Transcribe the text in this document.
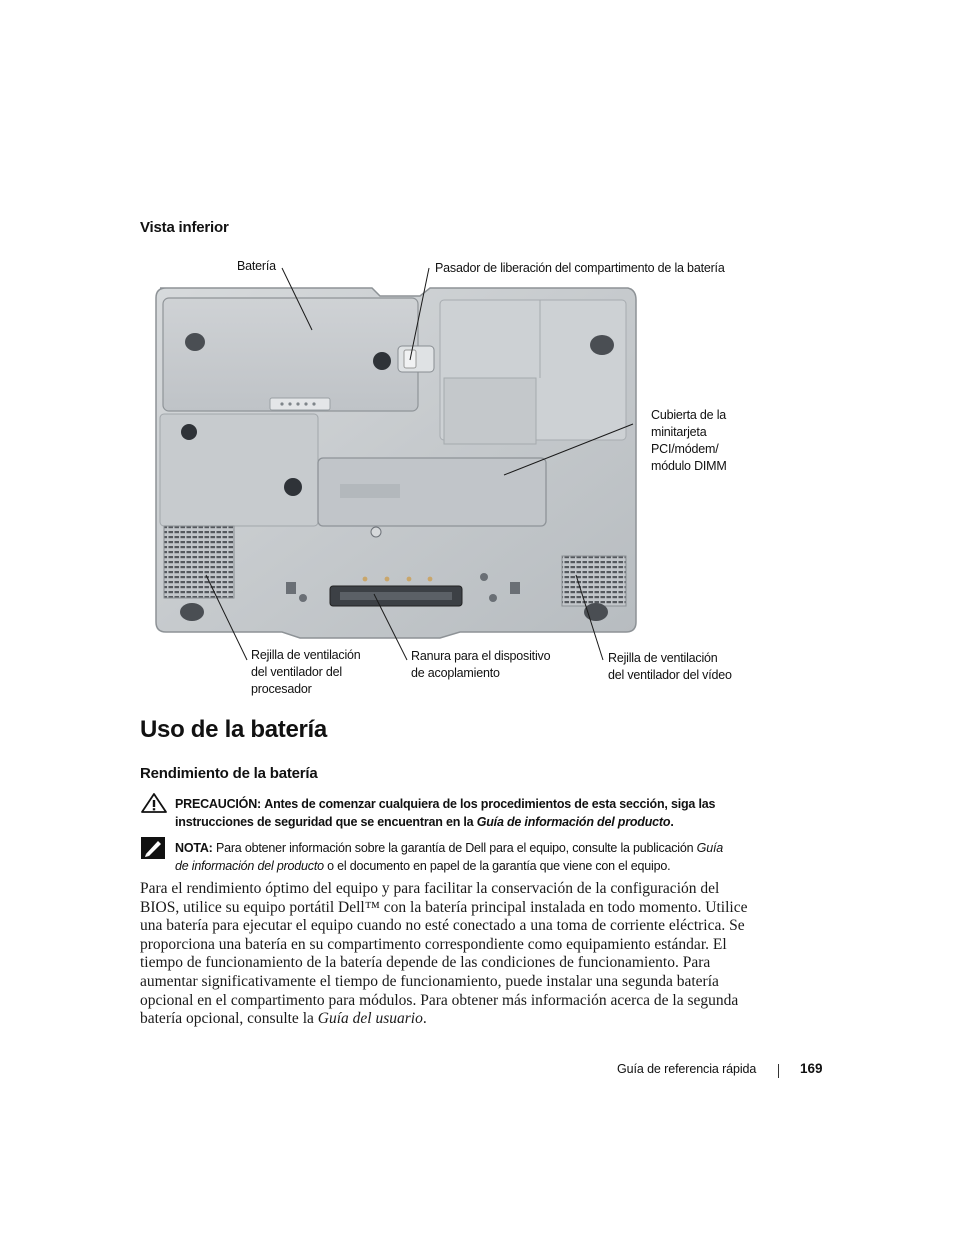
Vista inferior
Batería	Pasador de liberación del compartimento de la batería
Cubierta de la
minitarjeta
PCI/módem/
módulo DIMM
Rejilla de ventilación
del ventilador del
procesador
Ranura para el dispositivo
de acoplamiento
Rejilla de ventilación
del ventilador del vídeo
Uso de la batería
Rendimiento de la batería
PRECAUCIÓN: Antes de comenzar cualquiera de los procedimientos de esta sección, siga las
instrucciones de seguridad que se encuentran en la Guía de información del producto.
NOTA: Para obtener información sobre la garantía de Dell para el equipo, consulte la publicación Guía
de información del producto o el documento en papel de la garantía que viene con el equipo.
Para el rendimiento óptimo del equipo y para facilitar la conservación de la configuración del BIOS, utilice su equipo portátil Dell™ con la batería principal instalada en todo momento. Utilice una batería para ejecutar el equipo cuando no esté conectado a una toma de corriente eléctrica. Se proporciona una batería en su compartimento correspondiente como equipamiento estándar. El tiempo de funcionamiento de la batería depende de las condiciones de funcionamiento. Para aumentar significativamente el tiempo de funcionamiento, puede instalar una segunda batería opcional en el compartimento para módulos. Para obtener más información acerca de la segunda batería opcional, consulte la Guía del usuario.
Guía de referencia rápida	169
